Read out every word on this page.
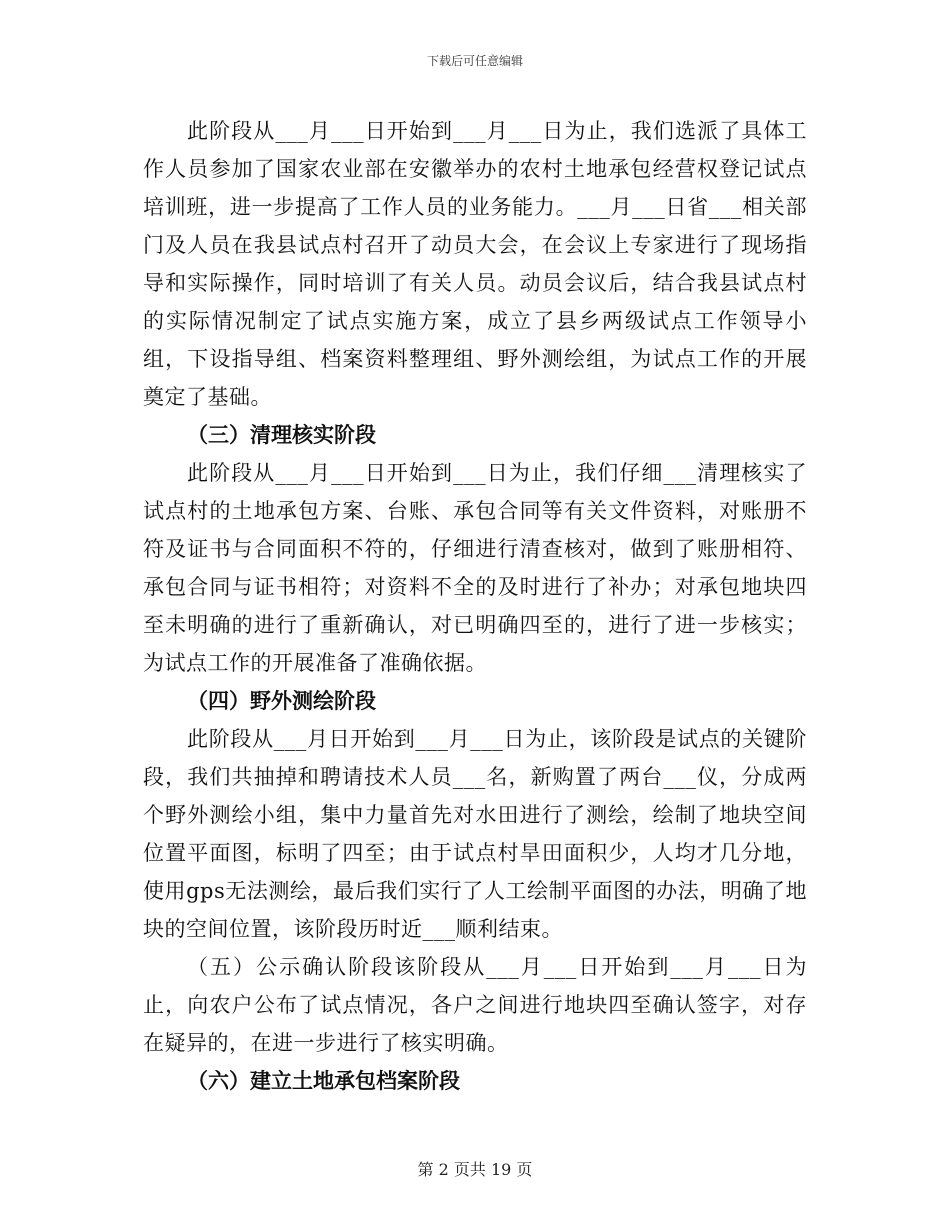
下载后可任意编辑

此阶段从___月___日开始到___月___日为止，我们选派了具体工作人员参加了国家农业部在安徽举办的农村土地承包经营权登记试点培训班，进一步提高了工作人员的业务能力。___月___日省___相关部门及人员在我县试点村召开了动员大会，在会议上专家进行了现场指导和实际操作，同时培训了有关人员。动员会议后，结合我县试点村的实际情况制定了试点实施方案，成立了县乡两级试点工作领导小组，下设指导组、档案资料整理组、野外测绘组，为试点工作的开展奠定了基础。

（三）清理核实阶段

此阶段从___月___日开始到___日为止，我们仔细___清理核实了试点村的土地承包方案、台账、承包合同等有关文件资料，对账册不符及证书与合同面积不符的，仔细进行清查核对，做到了账册相符、承包合同与证书相符；对资料不全的及时进行了补办；对承包地块四至未明确的进行了重新确认，对已明确四至的，进行了进一步核实；为试点工作的开展准备了准确依据。

（四）野外测绘阶段

此阶段从___月日开始到___月___日为止，该阶段是试点的关键阶段，我们共抽掉和聘请技术人员___名，新购置了两台___仪，分成两个野外测绘小组，集中力量首先对水田进行了测绘，绘制了地块空间位置平面图，标明了四至；由于试点村旱田面积少，人均才几分地，使用gps无法测绘，最后我们实行了人工绘制平面图的办法，明确了地块的空间位置，该阶段历时近___顺利结束。

（五）公示确认阶段该阶段从___月___日开始到___月___日为止，向农户公布了试点情况，各户之间进行地块四至确认签字，对存在疑异的，在进一步进行了核实明确。

（六）建立土地承包档案阶段

第 2 页共 19 页
